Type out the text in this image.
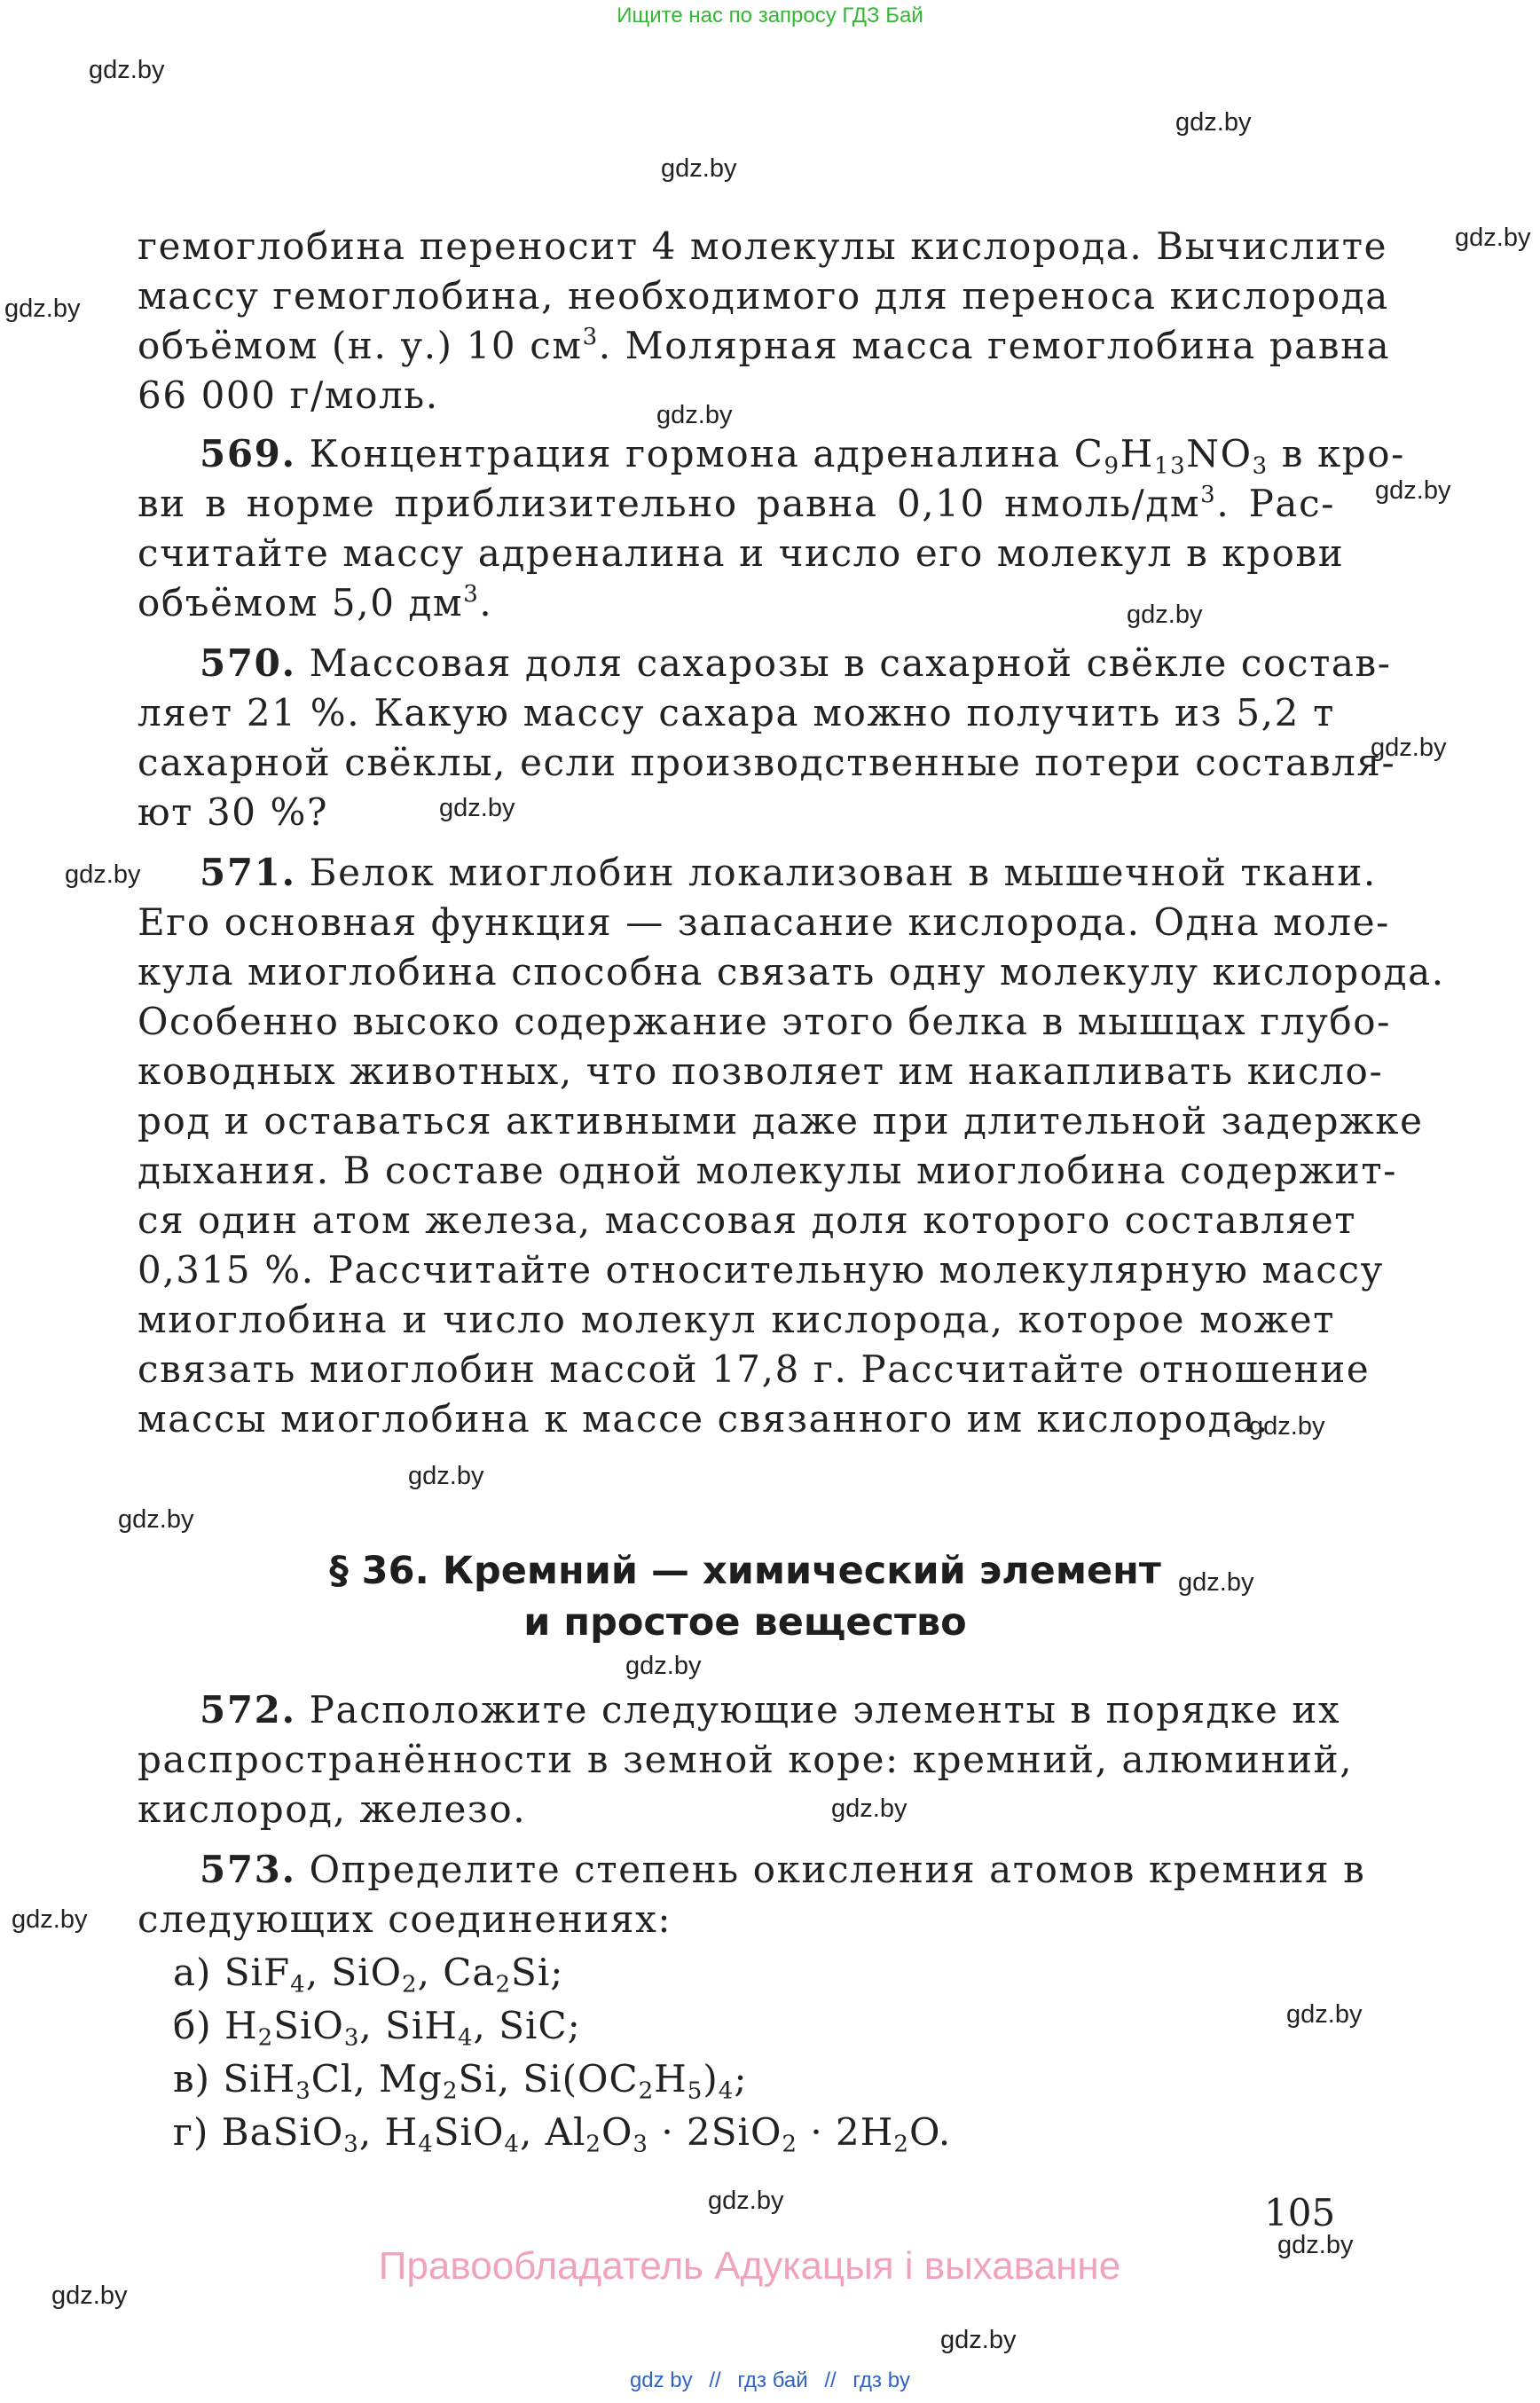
Ищите нас по запросу ГДЗ Бай
gdz.by
gdz.by
gdz.by
gdz.by
gdz.by
gdz.by
gdz.by
gdz.by
gdz.by
gdz.by
gdz.by
gdz.by
gdz.by
gdz.by
gdz.by
gdz.by
gdz.by
gdz.by
gdz.by
gdz.by
gdz.by
gdz.by
gdz.by
гемоглобина переносит 4 молекулы кислорода. Вычислите
массу гемоглобина, необходимого для переноса кислорода
объёмом (н. у.) 10 $см^3$. Молярная масса гемоглобина равна
66 000 г/моль.
569. Концентрация гормона адреналина $C_9H_{13}NO_3$ в кро-
ви в норме приблизительно равна 0,10 нмоль/$дм^3$. Рас-
считайте массу адреналина и число его молекул в крови
объёмом 5,0 $дм^3$.
570. Массовая доля сахарозы в сахарной свёкле состав-
ляет 21 %. Какую массу сахара можно получить из 5,2 т
сахарной свёклы, если производственные потери составля-
ют 30 %?
571. Белок миоглобин локализован в мышечной ткани.
Его основная функция — запасание кислорода. Одна моле-
кула миоглобина способна связать одну молекулу кислорода.
Особенно высоко содержание этого белка в мышцах глубо-
ководных животных, что позволяет им накапливать кисло-
род и оставаться активными даже при длительной задержке
дыхания. В составе одной молекулы миоглобина содержит-
ся один атом железа, массовая доля которого составляет
0,315 %. Рассчитайте относительную молекулярную массу
миоглобина и число молекул кислорода, которое может
связать миоглобин массой 17,8 г. Рассчитайте отношение
массы миоглобина к массе связанного им кислорода.
§ 36. Кремний — химический элемент
и простое вещество
572. Расположите следующие элементы в порядке их
распространённости в земной коре: кремний, алюминий,
кислород, железо.
573. Определите степень окисления атомов кремния в
следующих соединениях:
а) SiF$_4$, SiO$_2$, $Ca_2Si$;
б) $H_2SiO_3$, SiH$_4$, SiC;
в) SiH$_3$Cl, $Mg_2Si$, $Si(OC_2H_5)_4$;
г) BaSiO$_3$, $H_4SiO_4$, $Al_2O_3 \cdot 2SiO_2 \cdot 2H_2O$.
105
Правообладатель Адукацыя і выхаванне
gdz by // гдз бай // гдз by
